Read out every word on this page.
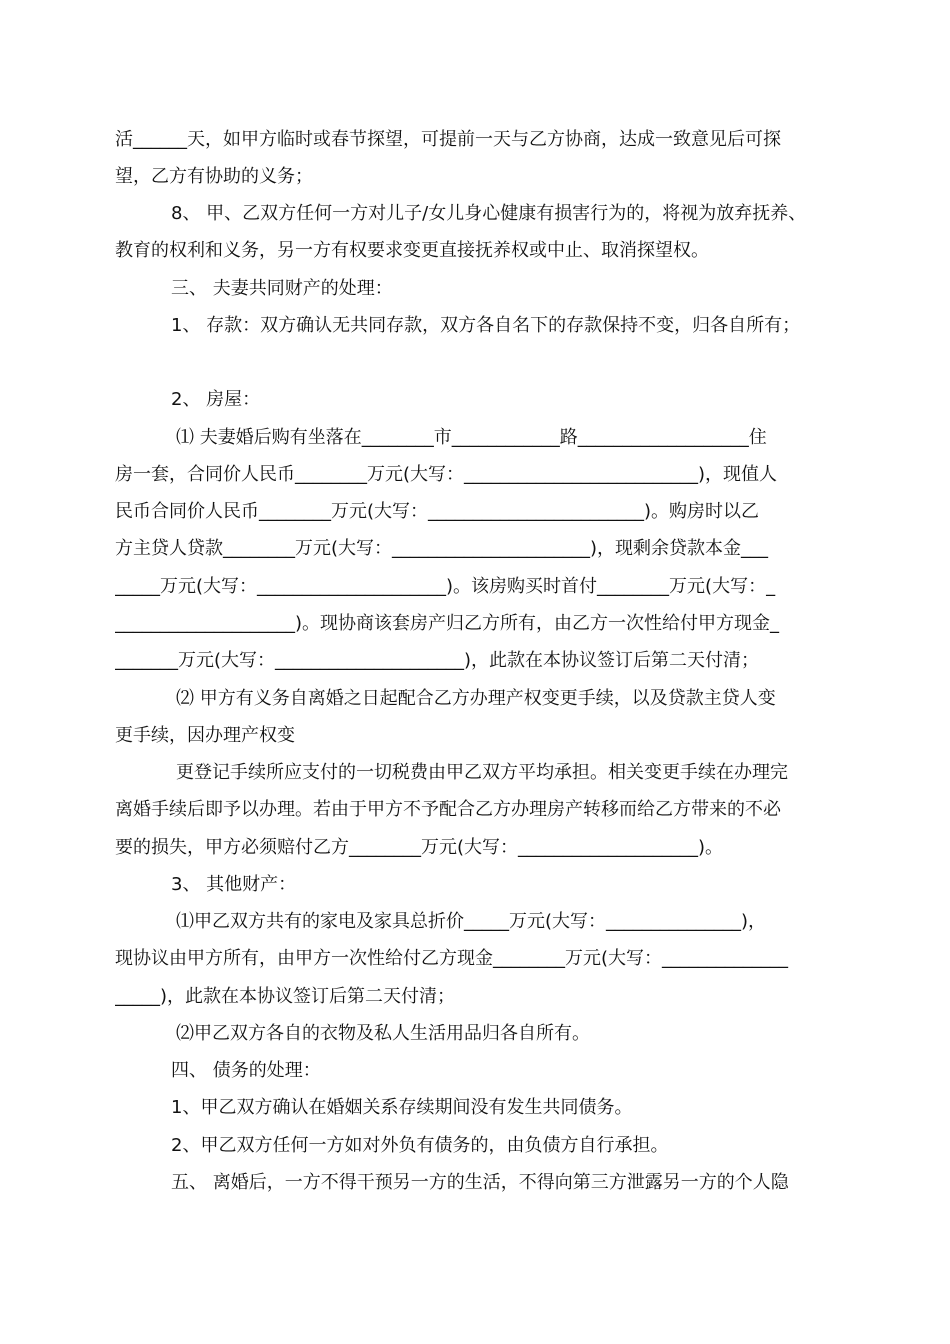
活______天，如甲方临时或春节探望，可提前一天与乙方协商，达成一致意见后可探
望，乙方有协助的义务；
8、 甲、乙双方任何一方对儿子/女儿身心健康有损害行为的，将视为放弃抚养、
教育的权利和义务，另一方有权要求变更直接抚养权或中止、取消探望权。
三、 夫妻共同财产的处理：
1、 存款：双方确认无共同存款，双方各自名下的存款保持不变，归各自所有；
2、 房屋：
⑴ 夫妻婚后购有坐落在________市____________路___________________住
房一套，合同价人民币________万元(大写：__________________________)，现值人
民币合同价人民币________万元(大写：________________________)。购房时以乙
方主贷人贷款________万元(大写：______________________)，现剩余贷款本金___
_____万元(大写：_____________________)。该房购买时首付________万元(大写：_
____________________)。现协商该套房产归乙方所有，由乙方一次性给付甲方现金_
_______万元(大写：_____________________)，此款在本协议签订后第二天付清；
⑵ 甲方有义务自离婚之日起配合乙方办理产权变更手续，以及贷款主贷人变
更手续，因办理产权变
更登记手续所应支付的一切税费由甲乙双方平均承担。相关变更手续在办理完
离婚手续后即予以办理。若由于甲方不予配合乙方办理房产转移而给乙方带来的不必
要的损失，甲方必须赔付乙方________万元(大写：____________________)。
3、 其他财产：
⑴甲乙双方共有的家电及家具总折价_____万元(大写：_______________)，
现协议由甲方所有，由甲方一次性给付乙方现金________万元(大写：______________
_____)，此款在本协议签订后第二天付清；
⑵甲乙双方各自的衣物及私人生活用品归各自所有。
四、 债务的处理：
1、甲乙双方确认在婚姻关系存续期间没有发生共同债务。
2、甲乙双方任何一方如对外负有债务的，由负债方自行承担。
五、 离婚后，一方不得干预另一方的生活，不得向第三方泄露另一方的个人隐
